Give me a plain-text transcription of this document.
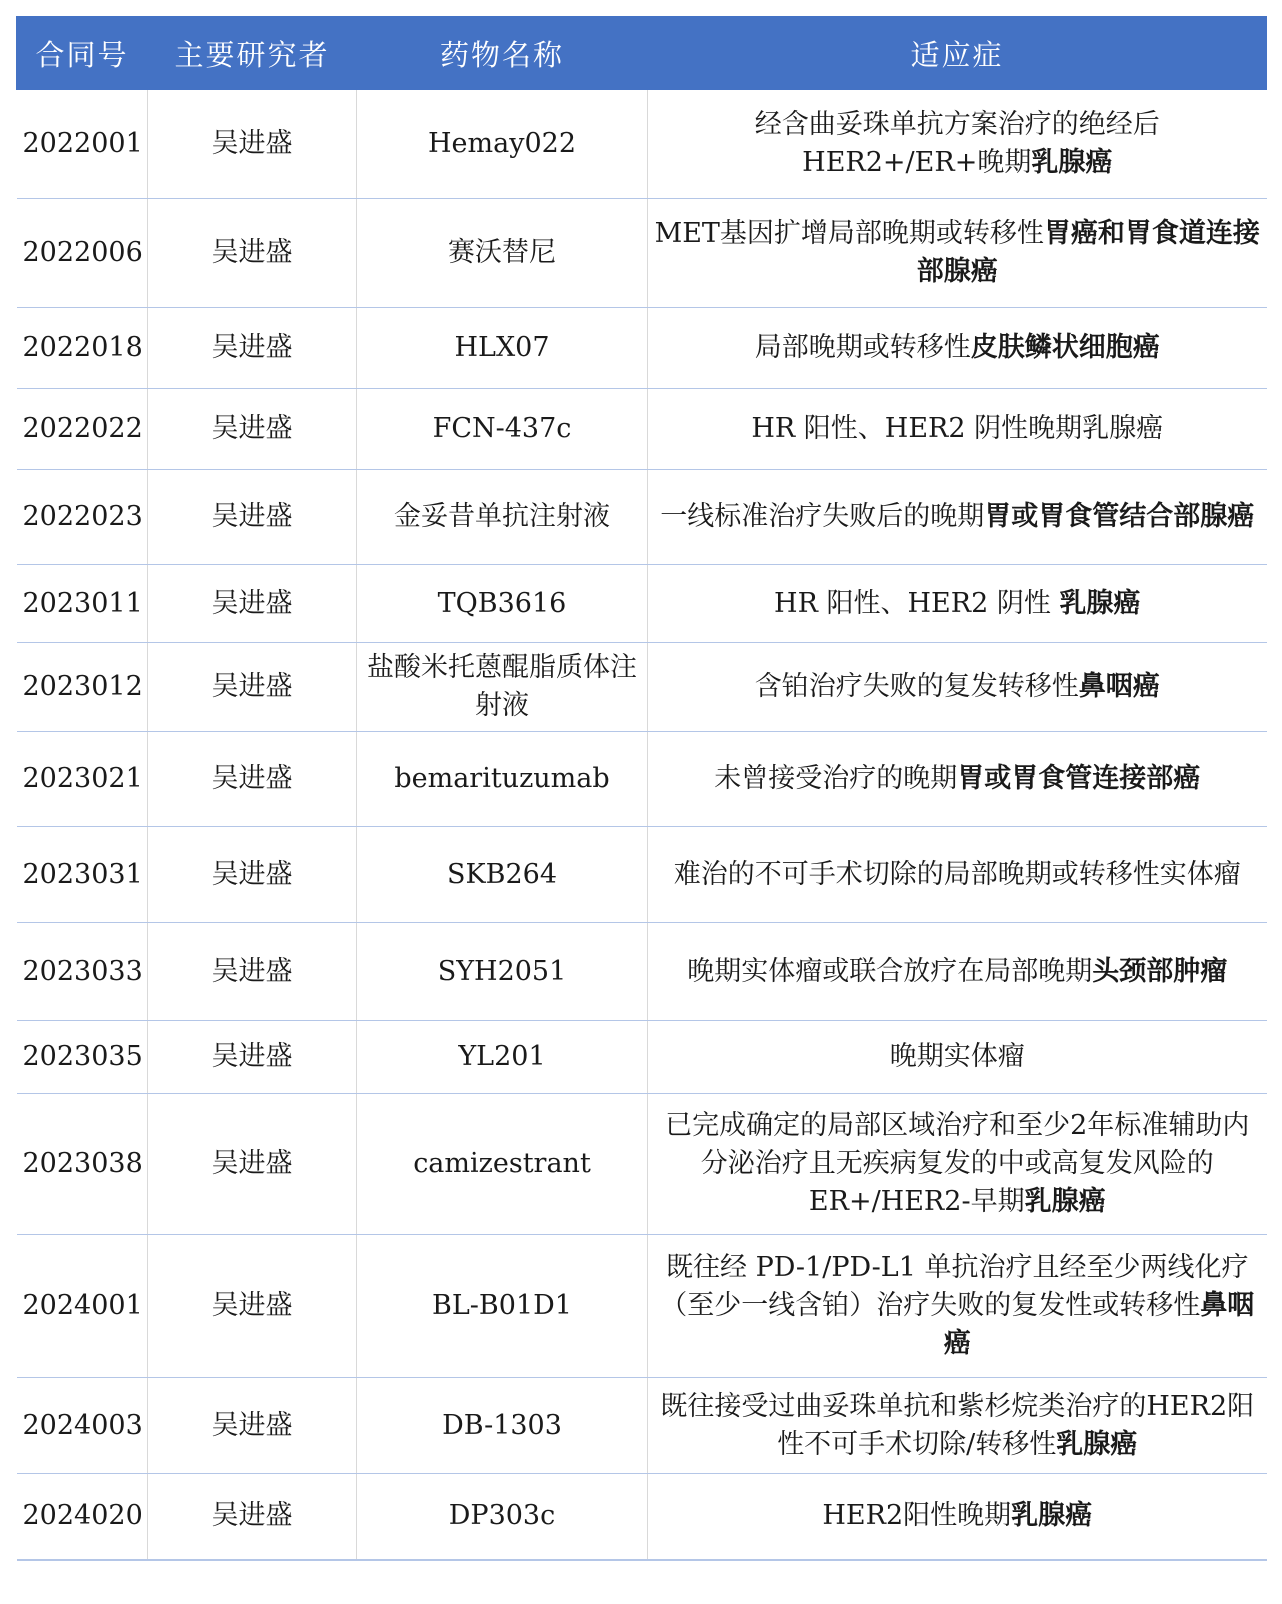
合同号	主要研究者	药物名称	适应症
2022001	吴进盛	Hemay022	经含曲妥珠单抗方案治疗的绝经后HER2+/ER+晚期乳腺癌
2022006	吴进盛	赛沃替尼	MET基因扩增局部晚期或转移性胃癌和胃食道连接部腺癌
2022018	吴进盛	HLX07	局部晚期或转移性皮肤鳞状细胞癌
2022022	吴进盛	FCN-437c	HR 阳性、HER2 阴性晚期乳腺癌
2022023	吴进盛	金妥昔单抗注射液	一线标准治疗失败后的晚期胃或胃食管结合部腺癌
2023011	吴进盛	TQB3616	HR 阳性、HER2 阴性 乳腺癌
2023012	吴进盛	盐酸米托蒽醌脂质体注射液	含铂治疗失败的复发转移性鼻咽癌
2023021	吴进盛	bemarituzumab	未曾接受治疗的晚期胃或胃食管连接部癌
2023031	吴进盛	SKB264	难治的不可手术切除的局部晚期或转移性实体瘤
2023033	吴进盛	SYH2051	晚期实体瘤或联合放疗在局部晚期头颈部肿瘤
2023035	吴进盛	YL201	晚期实体瘤
2023038	吴进盛	camizestrant	已完成确定的局部区域治疗和至少2年标准辅助内分泌治疗且无疾病复发的中或高复发风险的ER+/HER2-早期乳腺癌
2024001	吴进盛	BL-B01D1	既往经 PD-1/PD-L1 单抗治疗且经至少两线化疗（至少一线含铂）治疗失败的复发性或转移性鼻咽癌
2024003	吴进盛	DB-1303	既往接受过曲妥珠单抗和紫杉烷类治疗的HER2阳性不可手术切除/转移性乳腺癌
2024020	吴进盛	DP303c	HER2阳性晚期乳腺癌
